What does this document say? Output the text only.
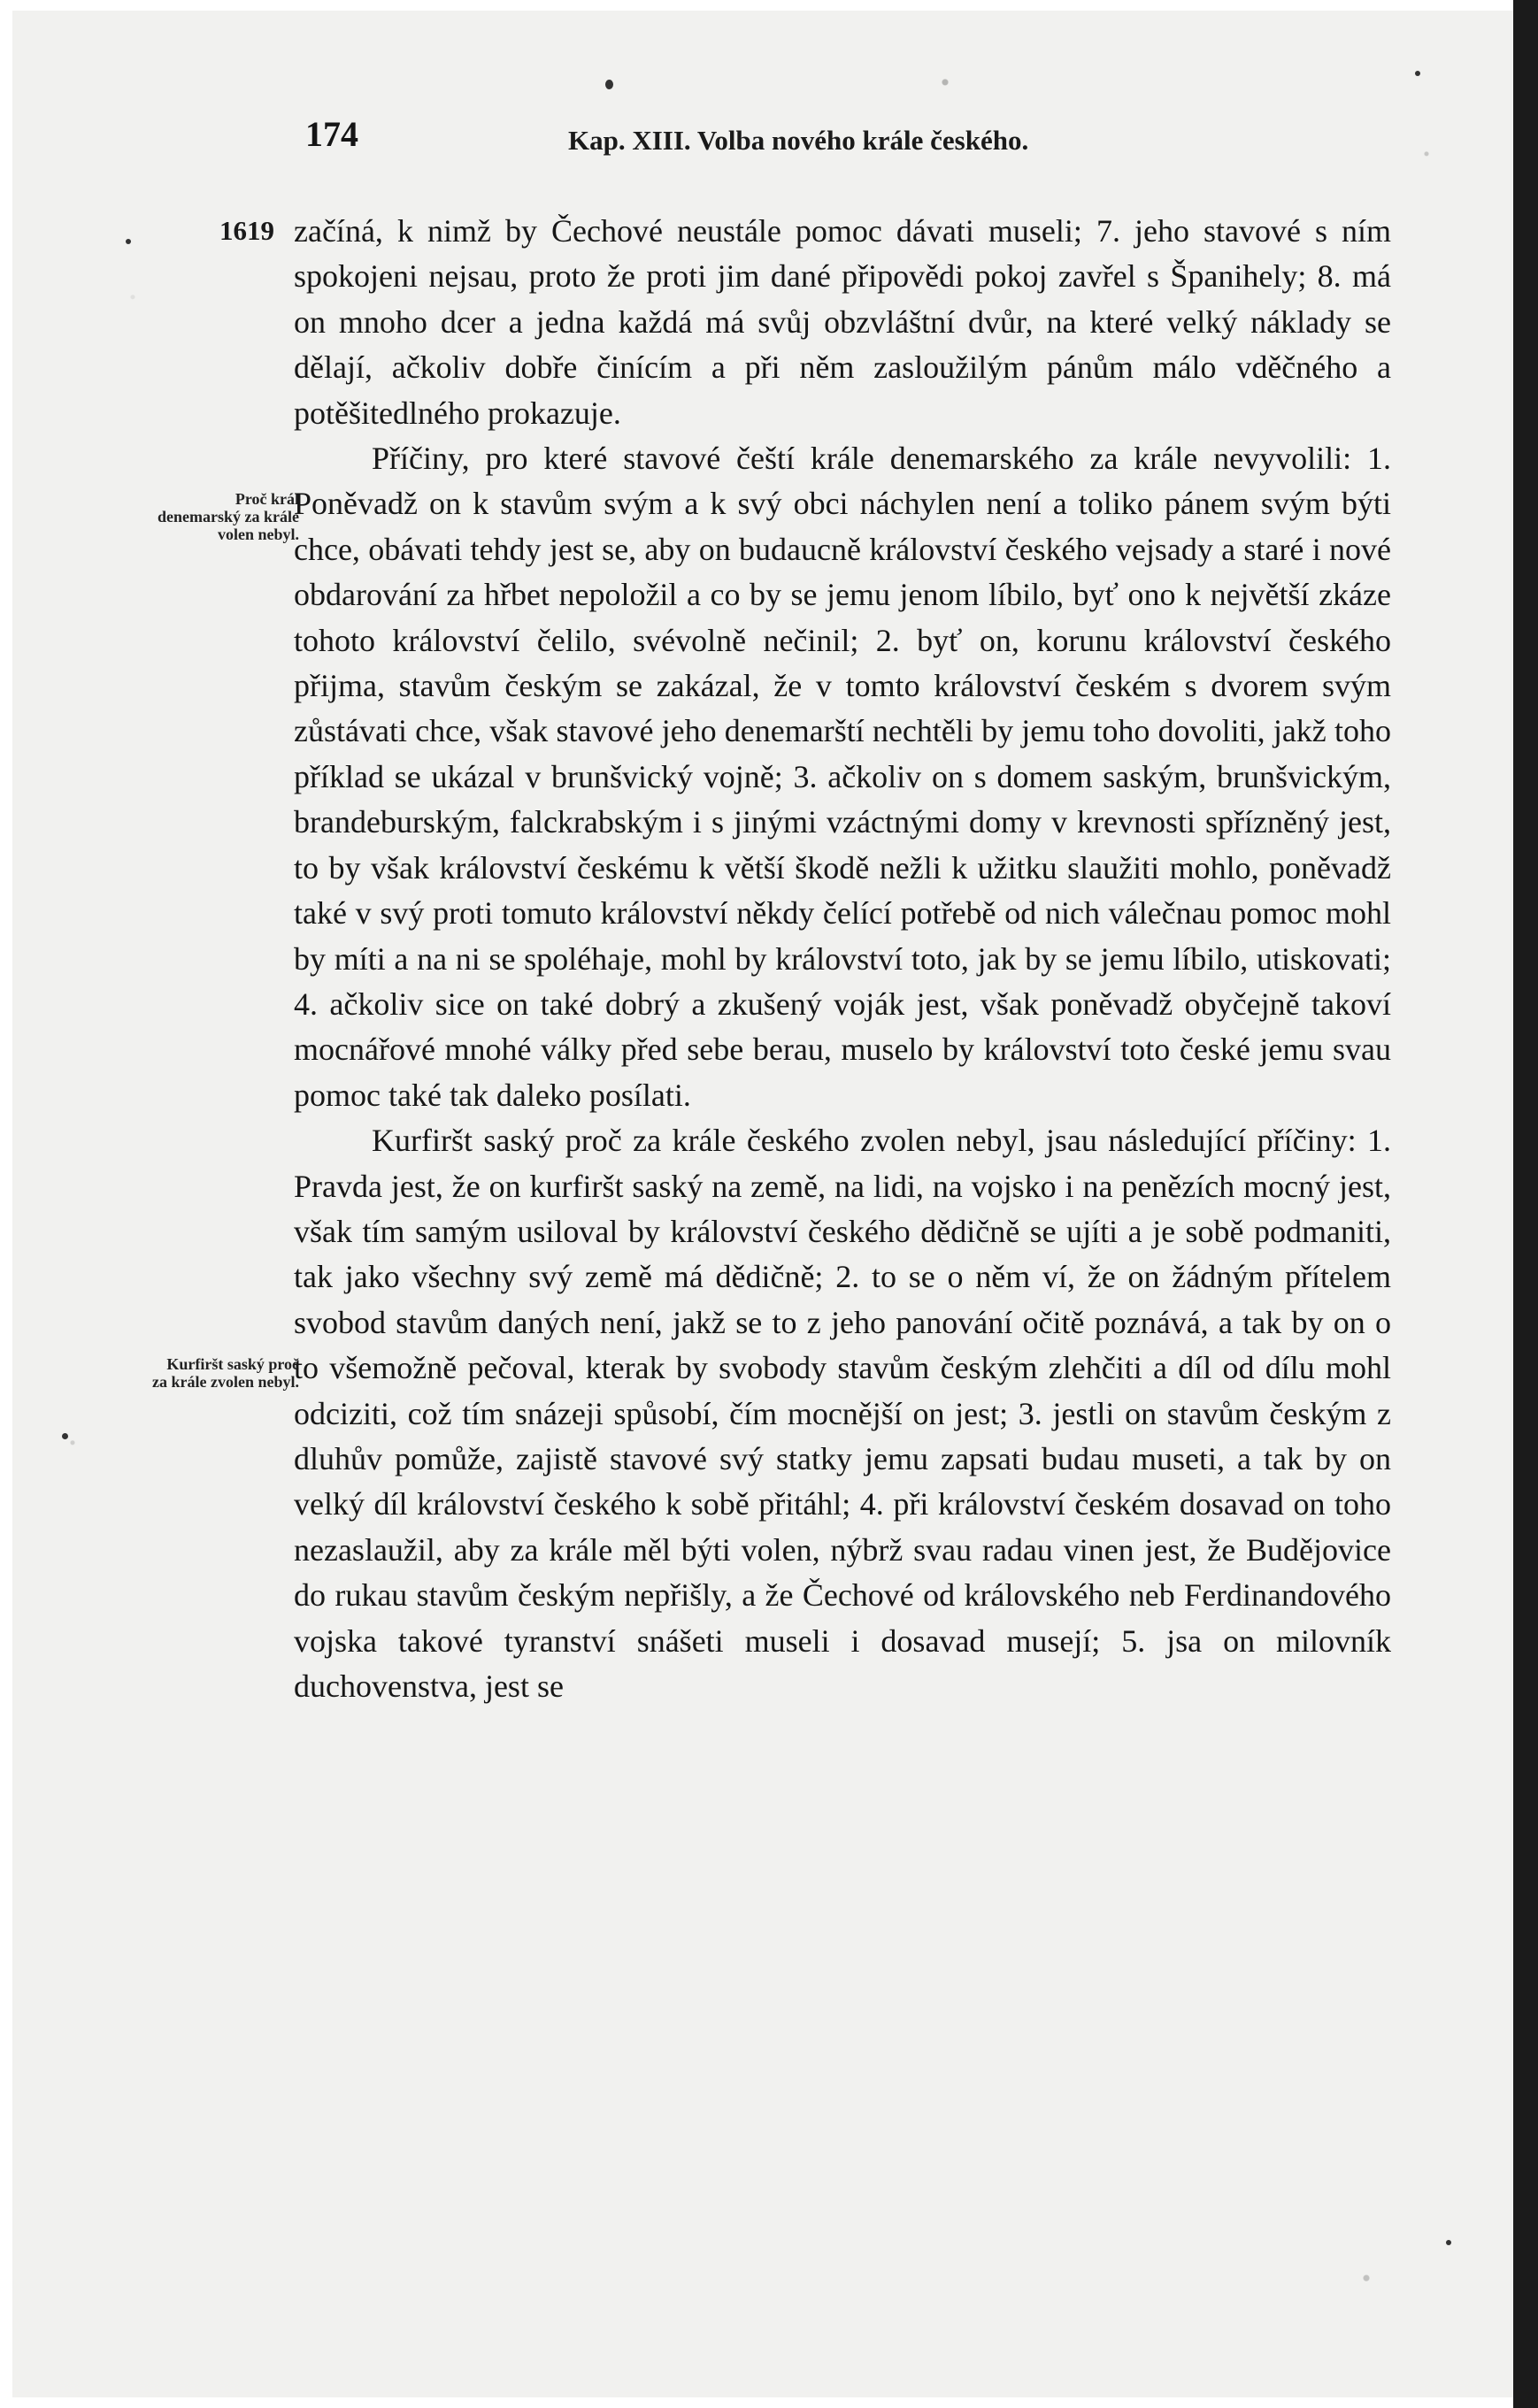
174	Kap. XIII. Volba nového krále českého.
1619
Proč král denemarský za krále volen nebyl.
Kurfiršt saský proč za krále zvolen nebyl.

začíná, k nimž by Čechové neustále pomoc dávati museli; 7. jeho stavové s ním spokojeni nejsau, proto že proti jim dané připovědi pokoj zavřel s Španihely; 8. má on mnoho dcer a jedna každá má svůj obzvláštní dvůr, na které velký náklady se dělají, ačkoliv dobře činícím a při něm zasloužilým pánům málo vděčného a potěšitedlného prokazuje.

Příčiny, pro které stavové čeští krále denemarského za krále nevyvolili: 1. Poněvadž on k stavům svým a k svý obci náchylen není a toliko pánem svým býti chce, obávati tehdy jest se, aby on budaucně království českého vejsady a staré i nové obdarování za hřbet nepoložil a co by se jemu jenom líbilo, byť ono k největší zkáze tohoto království čelilo, svévolně nečinil; 2. byť on, korunu království českého přijma, stavům českým se zakázal, že v tomto království českém s dvorem svým zůstávati chce, však stavové jeho denemarští nechtěli by jemu toho dovoliti, jakž toho příklad se ukázal v brunšvický vojně; 3. ačkoliv on s domem saským, brunšvickým, brandeburským, falckrabským i s jinými vzáctnými domy v krevnosti spřízněný jest, to by však království českému k větší škodě nežli k užitku slaužiti mohlo, poněvadž také v svý proti tomuto království někdy čelící potřebě od nich válečnau pomoc mohl by míti a na ni se spoléhaje, mohl by království toto, jak by se jemu líbilo, utiskovati; 4. ačkoliv sice on také dobrý a zkušený voják jest, však poněvadž obyčejně takoví mocnářové mnohé války před sebe berau, muselo by království toto české jemu svau pomoc také tak daleko posílati.

Kurfiršt saský proč za krále českého zvolen nebyl, jsau následující příčiny: 1. Pravda jest, že on kurfiršt saský na země, na lidi, na vojsko i na penězích mocný jest, však tím samým usiloval by království českého dědičně se ujíti a je sobě podmaniti, tak jako všechny svý země má dědičně; 2. to se o něm ví, že on žádným přítelem svobod stavům daných není, jakž se to z jeho panování očitě poznává, a tak by on o to všemožně pečoval, kterak by svobody stavům českým zlehčiti a díl od dílu mohl odciziti, což tím snázeji spůsobí, čím mocnější on jest; 3. jestli on stavům českým z dluhův pomůže, zajistě stavové svý statky jemu zapsati budau museti, a tak by on velký díl království českého k sobě přitáhl; 4. při království českém dosavad on toho nezaslaužil, aby za krále měl býti volen, nýbrž svau radau vinen jest, že Budějovice do rukau stavům českým nepřišly, a že Čechové od královského neb Ferdinandového vojska takové tyranství snášeti museli i dosavad musejí; 5. jsa on milovník duchovenstva, jest se
